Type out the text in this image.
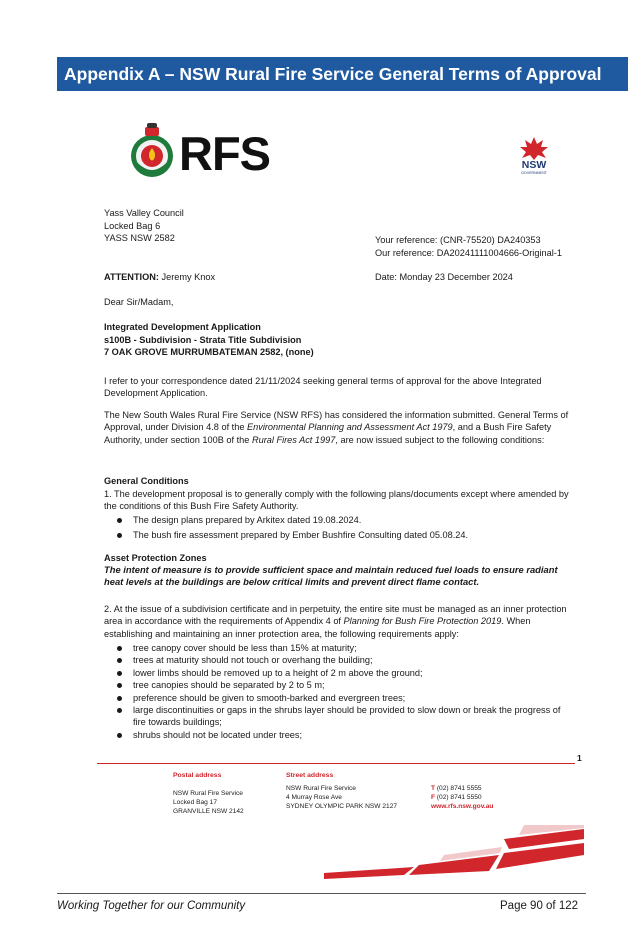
Appendix A – NSW Rural Fire Service General Terms of Approval
RFS	NSW
GOVERNMENT
Yass Valley Council
Locked Bag 6
YASS NSW 2582	Your reference: (CNR-75520) DA240353
Our reference: DA20241111004666-Original-1
ATTENTION: Jeremy Knox	Date: Monday 23 December 2024
Dear Sir/Madam,
Integrated Development Application
s100B - Subdivision - Strata Title Subdivision
7 OAK GROVE MURRUMBATEMAN 2582, (none)
I refer to your correspondence dated 21/11/2024 seeking general terms of approval for the above Integrated Development Application.
The New South Wales Rural Fire Service (NSW RFS) has considered the information submitted. General Terms of Approval, under Division 4.8 of the Environmental Planning and Assessment Act 1979, and a Bush Fire Safety Authority, under section 100B of the Rural Fires Act 1997, are now issued subject to the following conditions:
General Conditions
1. The development proposal is to generally comply with the following plans/documents except where amended by the conditions of this Bush Fire Safety Authority.
The design plans prepared by Arkitex dated 19.08.2024.
The bush fire assessment prepared by Ember Bushfire Consulting dated 05.08.24.
Asset Protection Zones
The intent of measure is to provide sufficient space and maintain reduced fuel loads to ensure radiant heat levels at the buildings are below critical limits and prevent direct flame contact.
2. At the issue of a subdivision certificate and in perpetuity, the entire site must be managed as an inner protection area in accordance with the requirements of Appendix 4 of Planning for Bush Fire Protection 2019. When establishing and maintaining an inner protection area, the following requirements apply:
tree canopy cover should be less than 15% at maturity;
trees at maturity should not touch or overhang the building;
lower limbs should be removed up to a height of 2 m above the ground;
tree canopies should be separated by 2 to 5 m;
preference should be given to smooth-barked and evergreen trees;
large discontinuities or gaps in the shrubs layer should be provided to slow down or break the progress of fire towards buildings;
shrubs should not be located under trees;
1
Postal address
NSW Rural Fire Service
Locked Bag 17
GRANVILLE NSW 2142
Street address
NSW Rural Fire Service
4 Murray Rose Ave
SYDNEY OLYMPIC PARK NSW 2127
T (02) 8741 5555
F (02) 8741 5550
www.rfs.nsw.gov.au
Working Together for our Community	Page 90 of 122
